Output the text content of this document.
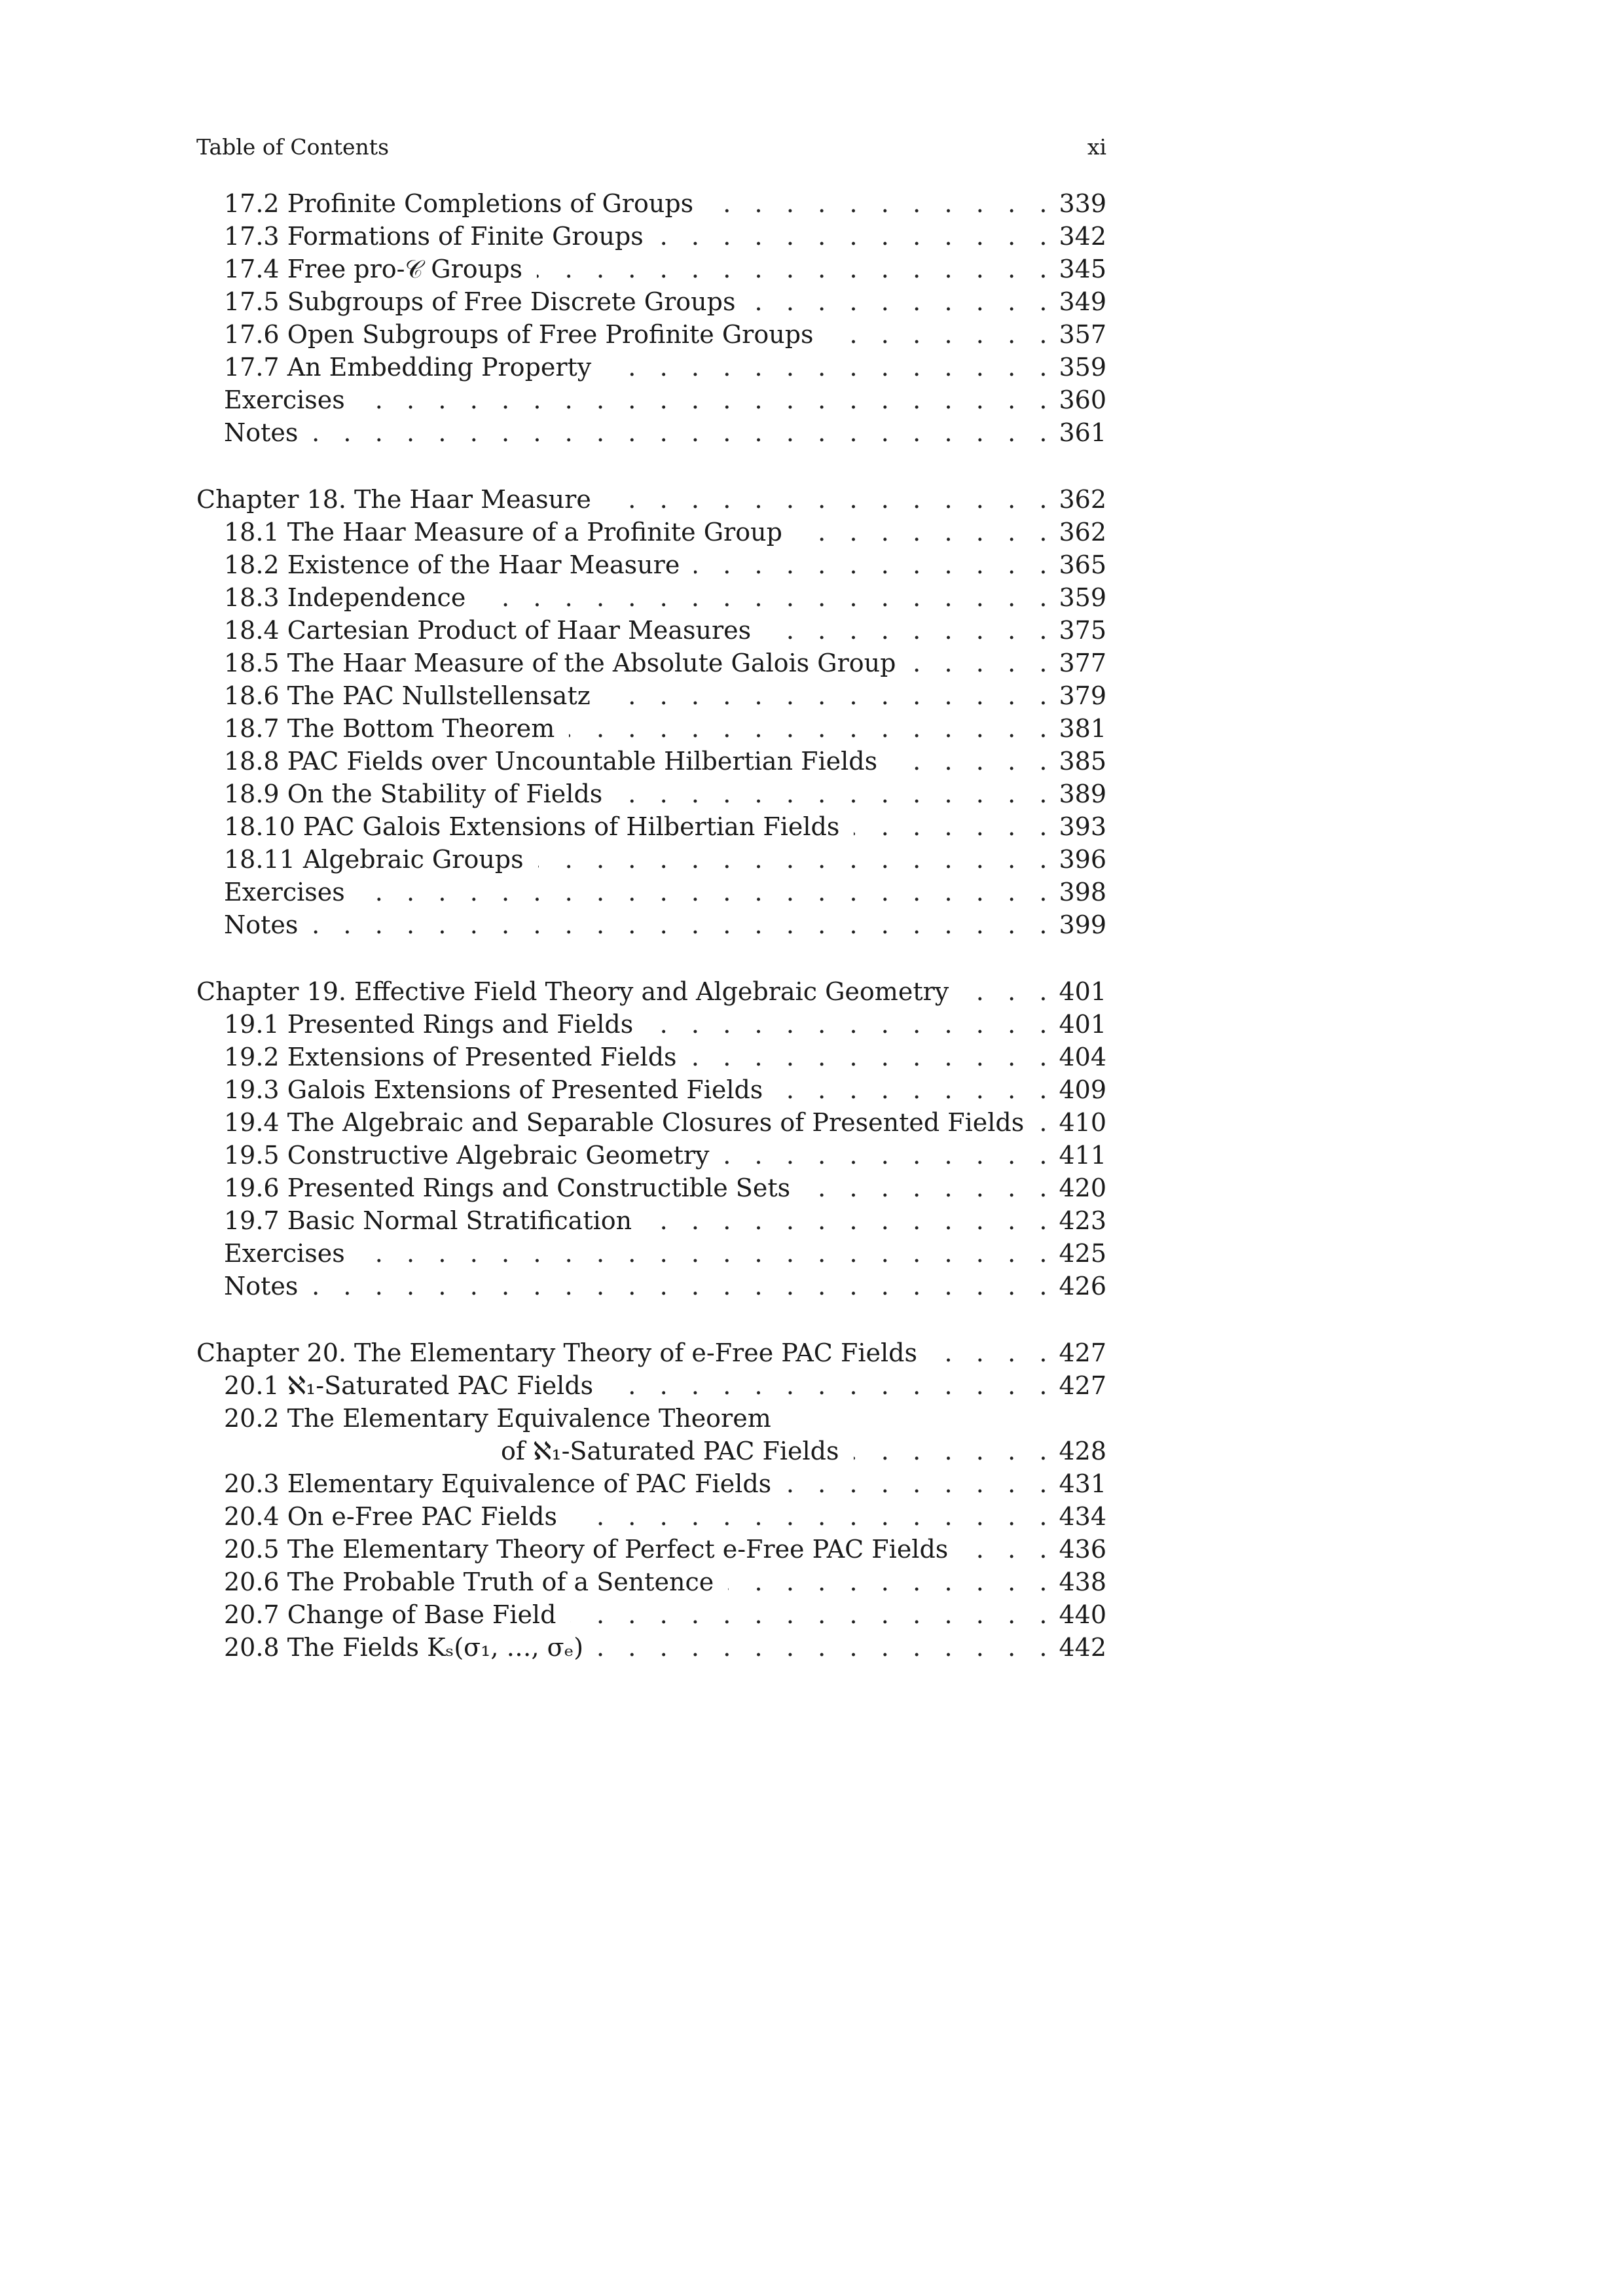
Table of Contents	xi
17.2 Profinite Completions of Groups .   .	339
17.3 Formations of Finite Groups .   .	342
17.4 Free pro-𝒞 Groups .   .	345
17.5 Subgroups of Free Discrete Groups .   .	349
17.6 Open Subgroups of Free Profinite Groups .   .	357
17.7 An Embedding Property .   .	359
Exercises .   .	360
Notes .   .	361
Chapter 18. The Haar Measure .   .	362
18.1 The Haar Measure of a Profinite Group .   .	362
18.2 Existence of the Haar Measure .   .	365
18.3 Independence .   .	359
18.4 Cartesian Product of Haar Measures .   .	375
18.5 The Haar Measure of the Absolute Galois Group .   .	377
18.6 The PAC Nullstellensatz .   .	379
18.7 The Bottom Theorem .   .	381
18.8 PAC Fields over Uncountable Hilbertian Fields .   .	385
18.9 On the Stability of Fields .   .	389
18.10 PAC Galois Extensions of Hilbertian Fields .   .	393
18.11 Algebraic Groups .   .	396
Exercises .   .	398
Notes .   .	399
Chapter 19. Effective Field Theory and Algebraic Geometry .   .	401
19.1 Presented Rings and Fields .   .	401
19.2 Extensions of Presented Fields .   .	404
19.3 Galois Extensions of Presented Fields .   .	409
19.4 The Algebraic and Separable Closures of Presented Fields .   . 410
19.5 Constructive Algebraic Geometry .   .	411
19.6 Presented Rings and Constructible Sets .   .	420
19.7 Basic Normal Stratification .   .	423
Exercises .   .	425
Notes .   .	426
Chapter 20. The Elementary Theory of e-Free PAC Fields .   .	427
20.1 ℵ₁-Saturated PAC Fields .   .	427
20.2 The Elementary Equivalence Theorem
of ℵ₁-Saturated PAC Fields .   .	428
20.3 Elementary Equivalence of PAC Fields .   .	431
20.4 On e-Free PAC Fields .   .	434
20.5 The Elementary Theory of Perfect e-Free PAC Fields .   .	436
20.6 The Probable Truth of a Sentence .   .	438
20.7 Change of Base Field .   .	440
20.8 The Fields Kₛ(σ₁, …, σₑ) .   .	442
